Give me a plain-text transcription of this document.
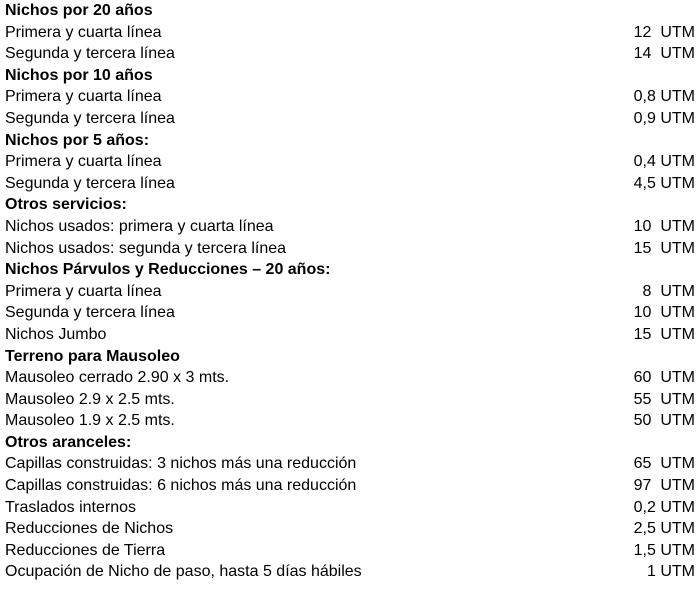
Nichos por 20 años
Primera y cuarta línea	12  UTM
Segunda y tercera línea	14  UTM
Nichos por 10 años
Primera y cuarta línea	0,8 UTM
Segunda y tercera línea	0,9 UTM
Nichos por 5 años:
Primera y cuarta línea	0,4 UTM
Segunda y tercera línea	4,5 UTM
Otros servicios:
Nichos usados: primera y cuarta línea	10  UTM
Nichos usados: segunda y tercera línea	15  UTM
Nichos Párvulos y Reducciones – 20 años:
Primera y cuarta línea	8  UTM
Segunda y tercera línea	10  UTM
Nichos Jumbo	15  UTM
Terreno para Mausoleo
Mausoleo cerrado 2.90 x 3 mts.	60  UTM
Mausoleo 2.9 x 2.5 mts.	55  UTM
Mausoleo 1.9 x 2.5 mts.	50  UTM
Otros aranceles:
Capillas construidas: 3 nichos más una reducción	65  UTM
Capillas construidas: 6 nichos más una reducción	97  UTM
Traslados internos	0,2 UTM
Reducciones de Nichos	2,5 UTM
Reducciones de Tierra	1,5 UTM
Ocupación de Nicho de paso, hasta 5 días hábiles	1 UTM
